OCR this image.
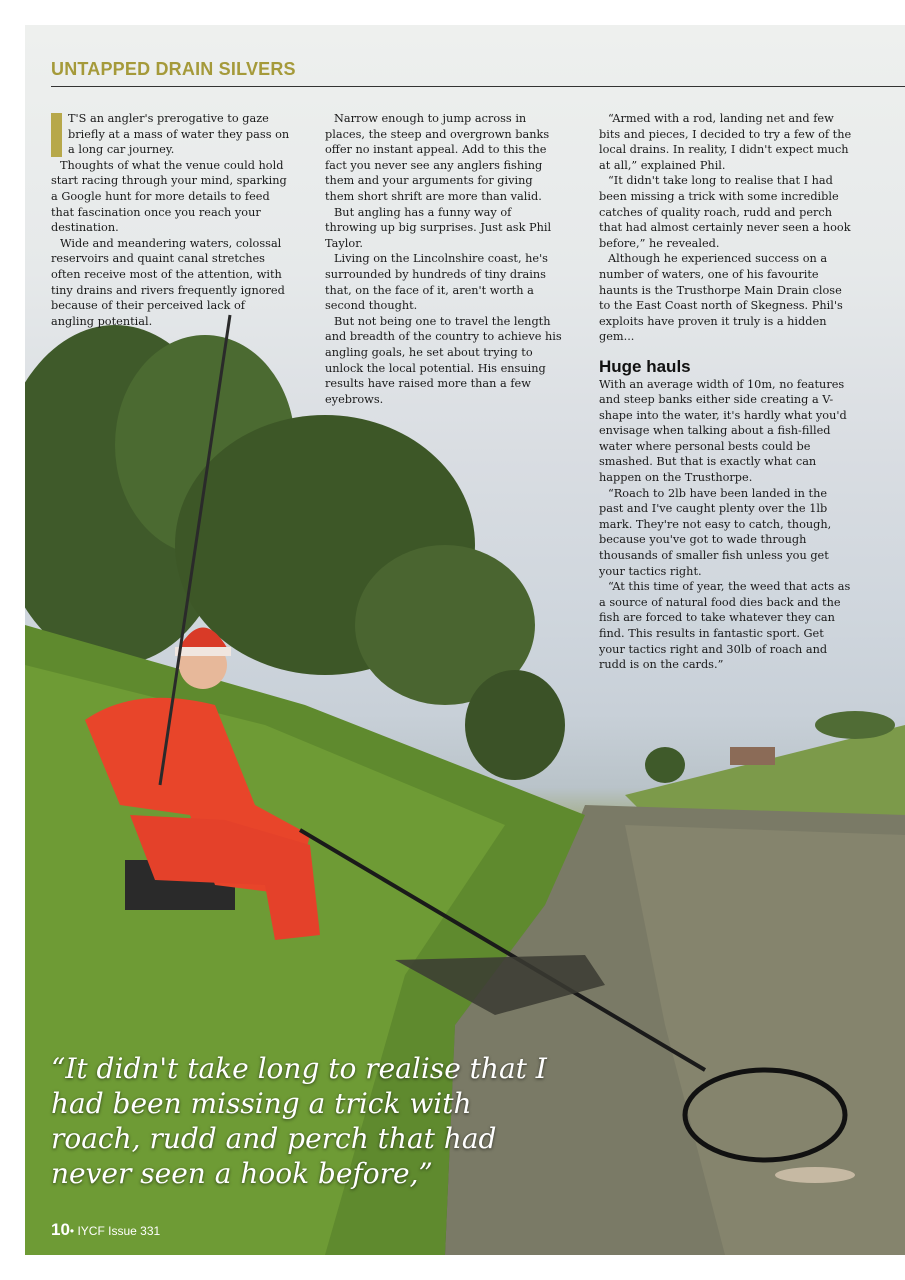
UNTAPPED DRAIN SILVERS

T'S an angler's prerogative to gaze briefly at a mass of water they pass on a long car journey.

Thoughts of what the venue could hold start racing through your mind, sparking a Google hunt for more details to feed that fascination once you reach your destination.

Wide and meandering waters, colossal reservoirs and quaint canal stretches often receive most of the attention, with tiny drains and rivers frequently ignored because of their perceived lack of angling potential.

Narrow enough to jump across in places, the steep and overgrown banks offer no instant appeal. Add to this the fact you never see any anglers fishing them and your arguments for giving them short shrift are more than valid.

But angling has a funny way of throwing up big surprises. Just ask Phil Taylor.

Living on the Lincolnshire coast, he's surrounded by hundreds of tiny drains that, on the face of it, aren't worth a second thought.

But not being one to travel the length and breadth of the country to achieve his angling goals, he set about trying to unlock the local potential. His ensuing results have raised more than a few eyebrows.

“Armed with a rod, landing net and few bits and pieces, I decided to try a few of the local drains. In reality, I didn't expect much at all,” explained Phil.

“It didn't take long to realise that I had been missing a trick with some incredible catches of quality roach, rudd and perch that had almost certainly never seen a hook before,” he revealed.

Although he experienced success on a number of waters, one of his favourite haunts is the Trusthorpe Main Drain close to the East Coast north of Skegness. Phil's exploits have proven it truly is a hidden gem...

Huge hauls

With an average width of 10m, no features and steep banks either side creating a V-shape into the water, it's hardly what you'd envisage when talking about a fish-filled water where personal bests could be smashed. But that is exactly what can happen on the Trusthorpe.

“Roach to 2lb have been landed in the past and I've caught plenty over the 1lb mark. They're not easy to catch, though, because you've got to wade through thousands of smaller fish unless you get your tactics right.

“At this time of year, the weed that acts as a source of natural food dies back and the fish are forced to take whatever they can find. This results in fantastic sport. Get your tactics right and 30lb of roach and rudd is on the cards.”

“It didn't take long to realise that I had been missing a trick with roach, rudd and perch that had never seen a hook before,”
10• IYCF Issue 331
